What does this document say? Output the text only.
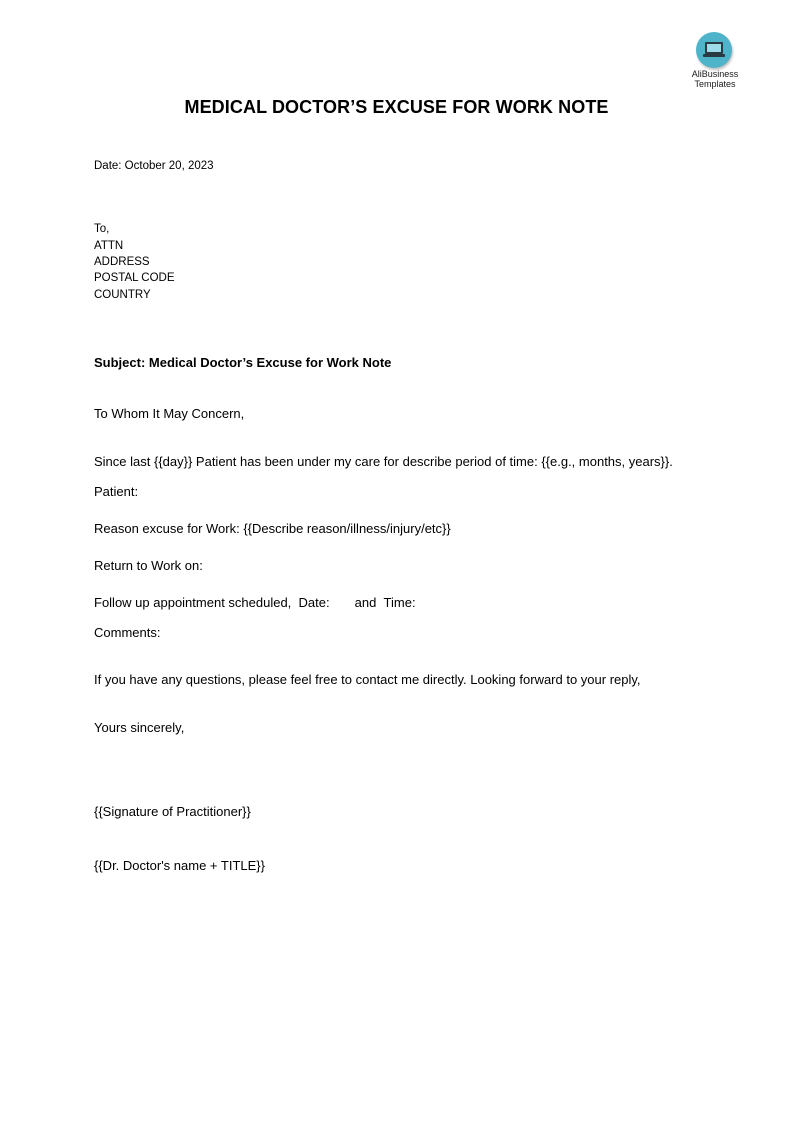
AliBusiness
Templates
MEDICAL DOCTOR’S EXCUSE FOR WORK NOTE
Date: October 20, 2023
To,
ATTN
ADDRESS
POSTAL CODE
COUNTRY
Subject: Medical Doctor’s Excuse for Work Note
To Whom It May Concern,
Since last {{day}} Patient has been under my care for describe period of time: {{e.g., months, years}}.
Patient:
Reason excuse for Work: {{Describe reason/illness/injury/etc}}
Return to Work on:
Follow up appointment scheduled, Date: and Time:
Comments:
If you have any questions, please feel free to contact me directly. Looking forward to your reply,
Yours sincerely,
{{Signature of Practitioner}}
{{Dr. Doctor's name + TITLE}}
